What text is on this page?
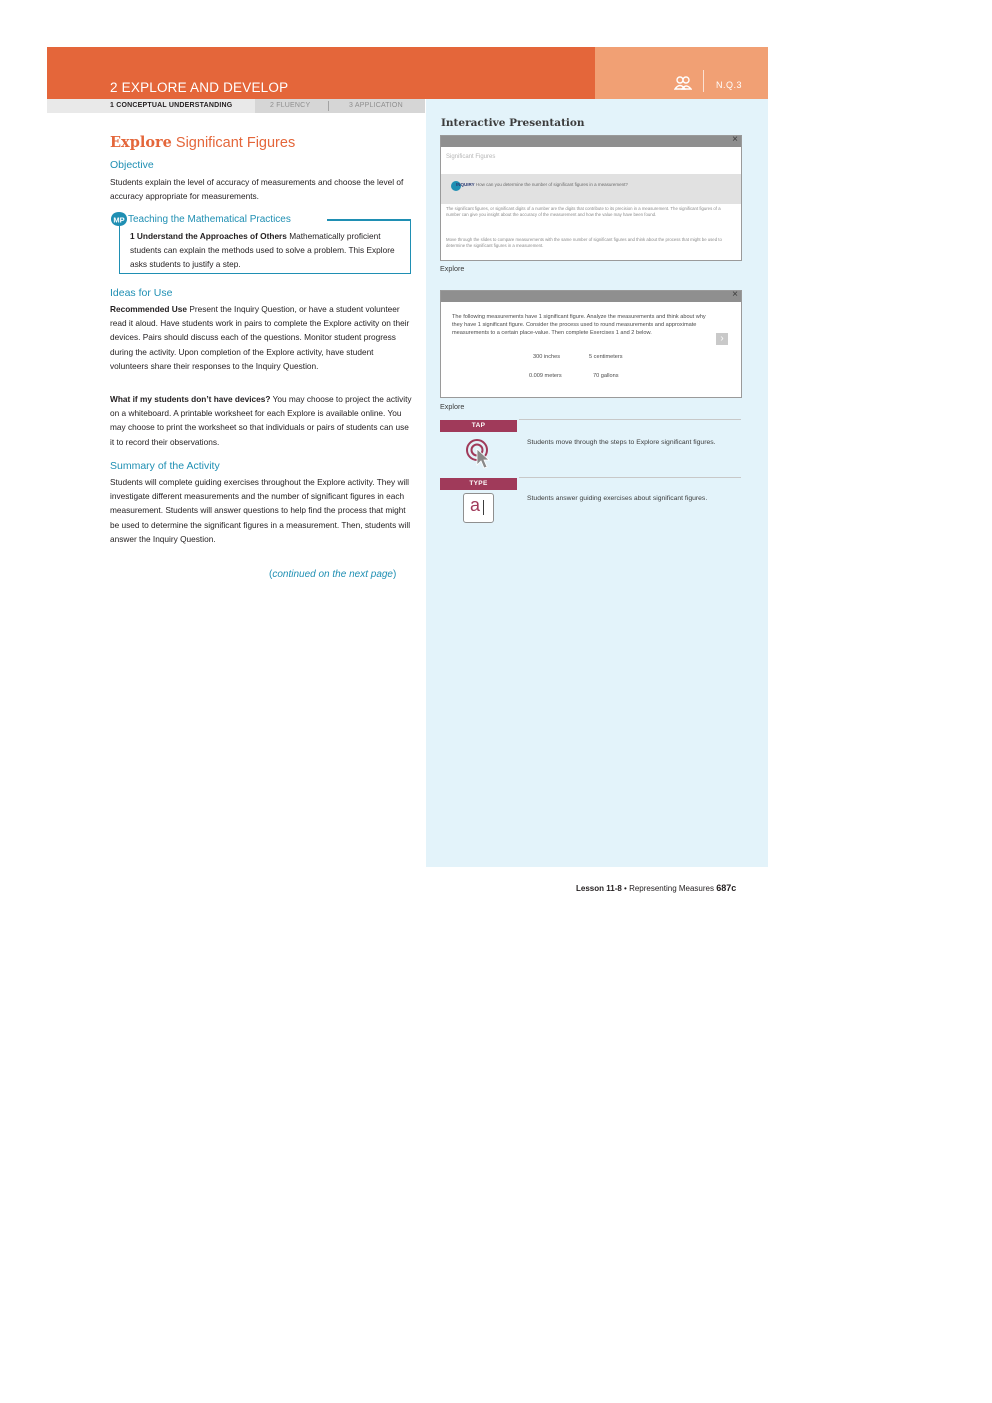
2 EXPLORE AND DEVELOP	N.Q.3
1 CONCEPTUAL UNDERSTANDING	2 FLUENCY	3 APPLICATION
Interactive Presentation
Explore Significant Figures
Objective
Students explain the level of accuracy of measurements and choose the level of accuracy appropriate for measurements.
MP Teaching the Mathematical Practices
1 Understand the Approaches of Others Mathematically proficient students can explain the methods used to solve a problem. This Explore asks students to justify a step.
Ideas for Use
Recommended Use Present the Inquiry Question, or have a student volunteer read it aloud. Have students work in pairs to complete the Explore activity on their devices. Pairs should discuss each of the questions. Monitor student progress during the activity. Upon completion of the Explore activity, have student volunteers share their responses to the Inquiry Question.
What if my students don’t have devices? You may choose to project the activity on a whiteboard. A printable worksheet for each Explore is available online. You may choose to print the worksheet so that individuals or pairs of students can use it to record their observations.
Summary of the Activity
Students will complete guiding exercises throughout the Explore activity. They will investigate different measurements and the number of significant figures in each measurement. Students will answer questions to help find the process that might be used to determine the significant figures in a measurement. Then, students will answer the Inquiry Question.
(continued on the next page)
×
Significant Figures
INQUIRY How can you determine the number of significant figures in a measurement?
The significant figures, or significant digits of a number are the digits that contribute to its precision in a measurement. The significant figures of a number can give you insight about the accuracy of the measurement and how the value may have been found.
Move through the slides to compare measurements with the same number of significant figures and think about the process that might be used to determine the significant figures in a measurement.
Explore
×
The following measurements have 1 significant figure. Analyze the measurements and think about why they have 1 significant figure. Consider the process used to round measurements and approximate measurements to a certain place-value. Then complete Exercises 1 and 2 below.	›
300 inches	5 centimeters
0.009 meters	70 gallons
Explore
TAP
Students move through the steps to Explore significant figures.
TYPE
a	Students answer guiding exercises about significant figures.
Lesson 11-8 • Representing Measures 687c
